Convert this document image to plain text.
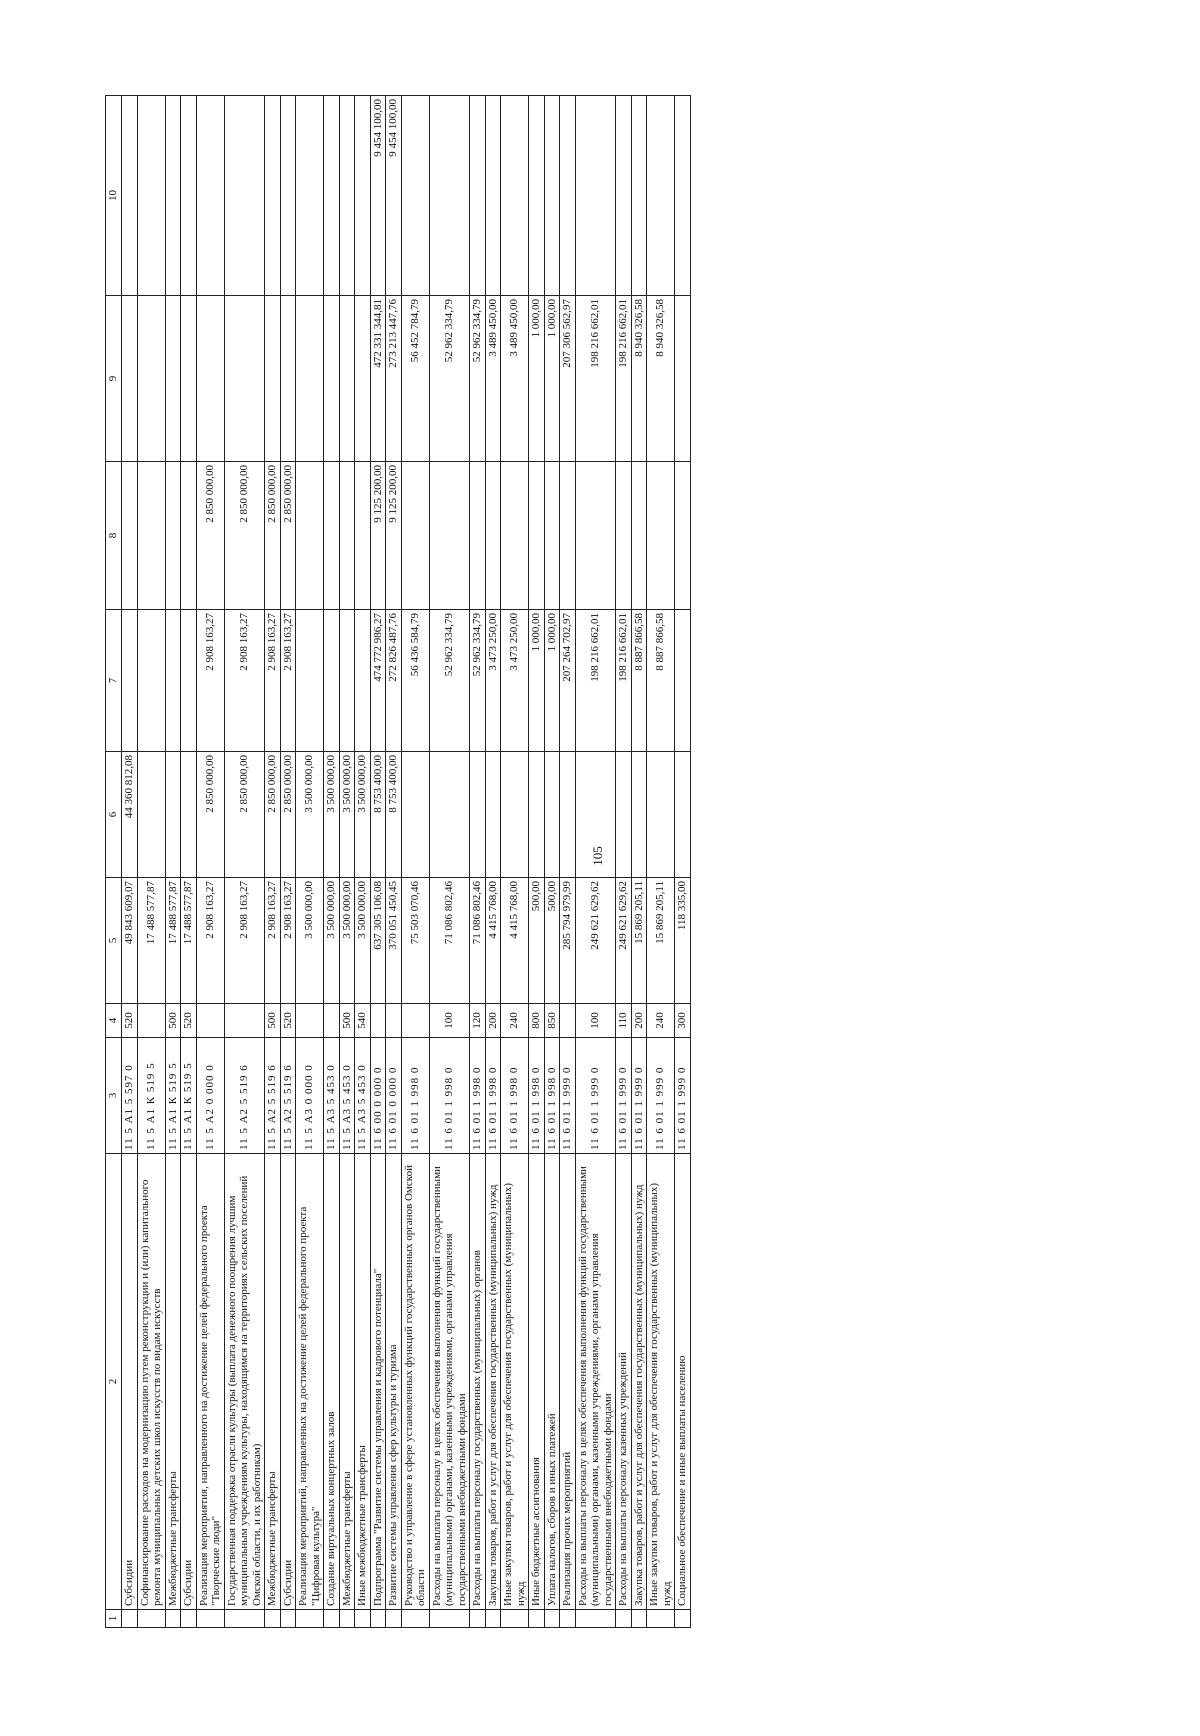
105
1	2	3	4	5	6	7	8	9	10
	Субсидии	11 5 А1 5 597 0	520	49 843 609,07	44 360 812,08				
	Софинансирование расходов на модернизацию путем реконструкции и (или) капитального ремонта муниципальных детских школ искусств по видам искусств	11 5 А1 К 519 5		17 488 577,87					
	Межбюджетные трансферты	11 5 А1 К 519 5	500	17 488 577,87					
	Субсидии	11 5 А1 К 519 5	520	17 488 577,87					
	Реализация мероприятия, направленного на достижение целей федерального проекта "Творческие люди"	11 5 А2 0 000 0		2 908 163,27	2 850 000,00	2 908 163,27	2 850 000,00		
	Государственная поддержка отрасли культуры (выплата денежного поощрения лучшим муниципальным учреждениям культуры, находящимся на территориях сельских поселений Омской области, и их работникам)	11 5 А2 5 519 6		2 908 163,27	2 850 000,00	2 908 163,27	2 850 000,00		
	Межбюджетные трансферты	11 5 А2 5 519 6	500	2 908 163,27	2 850 000,00	2 908 163,27	2 850 000,00		
	Субсидии	11 5 А2 5 519 6	520	2 908 163,27	2 850 000,00	2 908 163,27	2 850 000,00		
	Реализация мероприятий, направленных на достижение целей федерального проекта "Цифровая культура"	11 5 А3 0 000 0		3 500 000,00	3 500 000,00				
	Создание виртуальных концертных залов	11 5 А3 5 453 0		3 500 000,00	3 500 000,00				
	Межбюджетные трансферты	11 5 А3 5 453 0	500	3 500 000,00	3 500 000,00				
	Иные межбюджетные трансферты	11 5 А3 5 453 0	540	3 500 000,00	3 500 000,00				
	Подпрограмма "Развитие системы управления и кадрового потенциала"	11 6 00 0 000 0		637 305 106,08	8 753 400,00	474 772 986,27	9 125 200,00	472 331 344,81	9 454 100,00
	Развитие системы управления сфер культуры и туризма	11 6 01 0 000 0		370 051 450,45	8 753 400,00	272 826 487,76	9 125 200,00	273 213 447,76	9 454 100,00
	Руководство и управление в сфере установленных функций государственных органов Омской области	11 6 01 1 998 0		75 503 070,46		56 436 584,79		56 452 784,79	
	Расходы на выплаты персоналу в целях обеспечения выполнения функций государственными (муниципальными) органами, казенными учреждениями, органами управления государственными внебюджетными фондами	11 6 01 1 998 0	100	71 086 802,46		52 962 334,79		52 962 334,79	
	Расходы на выплаты персоналу государственных (муниципальных) органов	11 6 01 1 998 0	120	71 086 802,46		52 962 334,79		52 962 334,79	
	Закупка товаров, работ и услуг для обеспечения государственных (муниципальных) нужд	11 6 01 1 998 0	200	4 415 768,00		3 473 250,00		3 489 450,00	
	Иные закупки товаров, работ и услуг для обеспечения государственных (муниципальных) нужд	11 6 01 1 998 0	240	4 415 768,00		3 473 250,00		3 489 450,00	
	Иные бюджетные ассигнования	11 6 01 1 998 0	800	500,00		1 000,00		1 000,00	
	Уплата налогов, сборов и иных платежей	11 6 01 1 998 0	850	500,00		1 000,00		1 000,00	
	Реализация прочих мероприятий	11 6 01 1 999 0		285 794 979,99		207 264 702,97		207 306 562,97	
	Расходы на выплаты персоналу в целях обеспечения выполнения функций государственными (муниципальными) органами, казенными учреждениями, органами управления государственными внебюджетными фондами	11 6 01 1 999 0	100	249 621 629,62		198 216 662,01		198 216 662,01	
	Расходы на выплаты персоналу казенных учреждений	11 6 01 1 999 0	110	249 621 629,62		198 216 662,01		198 216 662,01	
	Закупка товаров, работ и услуг для обеспечения государственных (муниципальных) нужд	11 6 01 1 999 0	200	15 869 205,11		8 887 866,58		8 940 326,58	
	Иные закупки товаров, работ и услуг для обеспечения государственных (муниципальных) нужд	11 6 01 1 999 0	240	15 869 205,11		8 887 866,58		8 940 326,58	
	Социальное обеспечение и иные выплаты населению	11 6 01 1 999 0	300	118 335,00					
